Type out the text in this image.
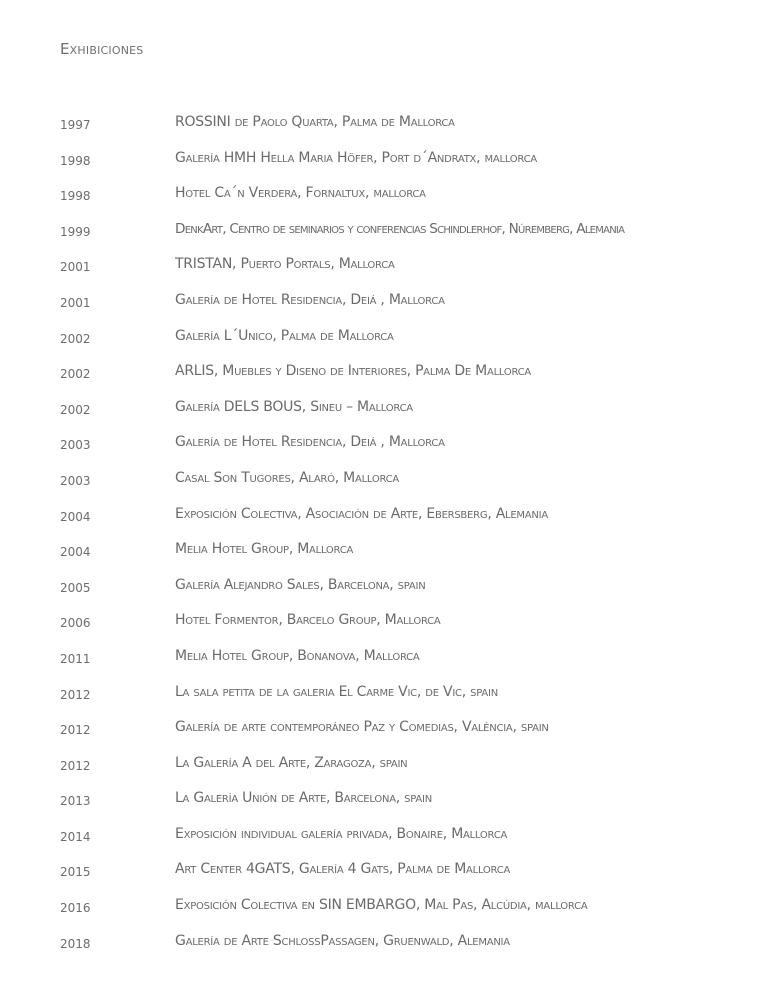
Exhibiciones
1997	ROSSINI de Paolo Quarta, Palma de Mallorca
1998	Galería HMH Hella Maria Höfer, Port d´Andratx, mallorca
1998	Hotel Ca´n Verdera, Fornaltux, mallorca
1999	DenkArt, Centro de seminarios y conferencias Schindlerhof, Núremberg, Alemania
2001	TRISTAN, Puerto Portals, Mallorca
2001	Galería de Hotel Residencia, Deiá , Mallorca
2002	Galería L´Unico, Palma de Mallorca
2002	ARLIS, Muebles y Diseno de Interiores, Palma De Mallorca
2002	Galería DELS BOUS, Sineu – Mallorca
2003	Galería de Hotel Residencia, Deiá , Mallorca
2003	Casal Son Tugores, Alaró, Mallorca
2004	Exposición Colectiva, Asociación de Arte, Ebersberg, Alemania
2004	Melia Hotel Group, Mallorca
2005	Galería Alejandro Sales, Barcelona, spain
2006	Hotel Formentor, Barcelo Group, Mallorca
2011	Melia Hotel Group, Bonanova, Mallorca
2012	La sala petita de la galeria El Carme Vic, de Vic, spain
2012	Galería de arte contemporáneo Paz y Comedias, Valéncia, spain
2012	La Galería A del Arte, Zaragoza, spain
2013	La Galería Unión de Arte, Barcelona, spain
2014	Exposición individual galería privada, Bonaire, Mallorca
2015	Art Center 4GATS, Galería 4 Gats, Palma de Mallorca
2016	Exposición Colectiva en SIN EMBARGO, Mal Pas, Alcúdia, mallorca
2018	Galería de Arte SchlossPassagen, Gruenwald, Alemania
